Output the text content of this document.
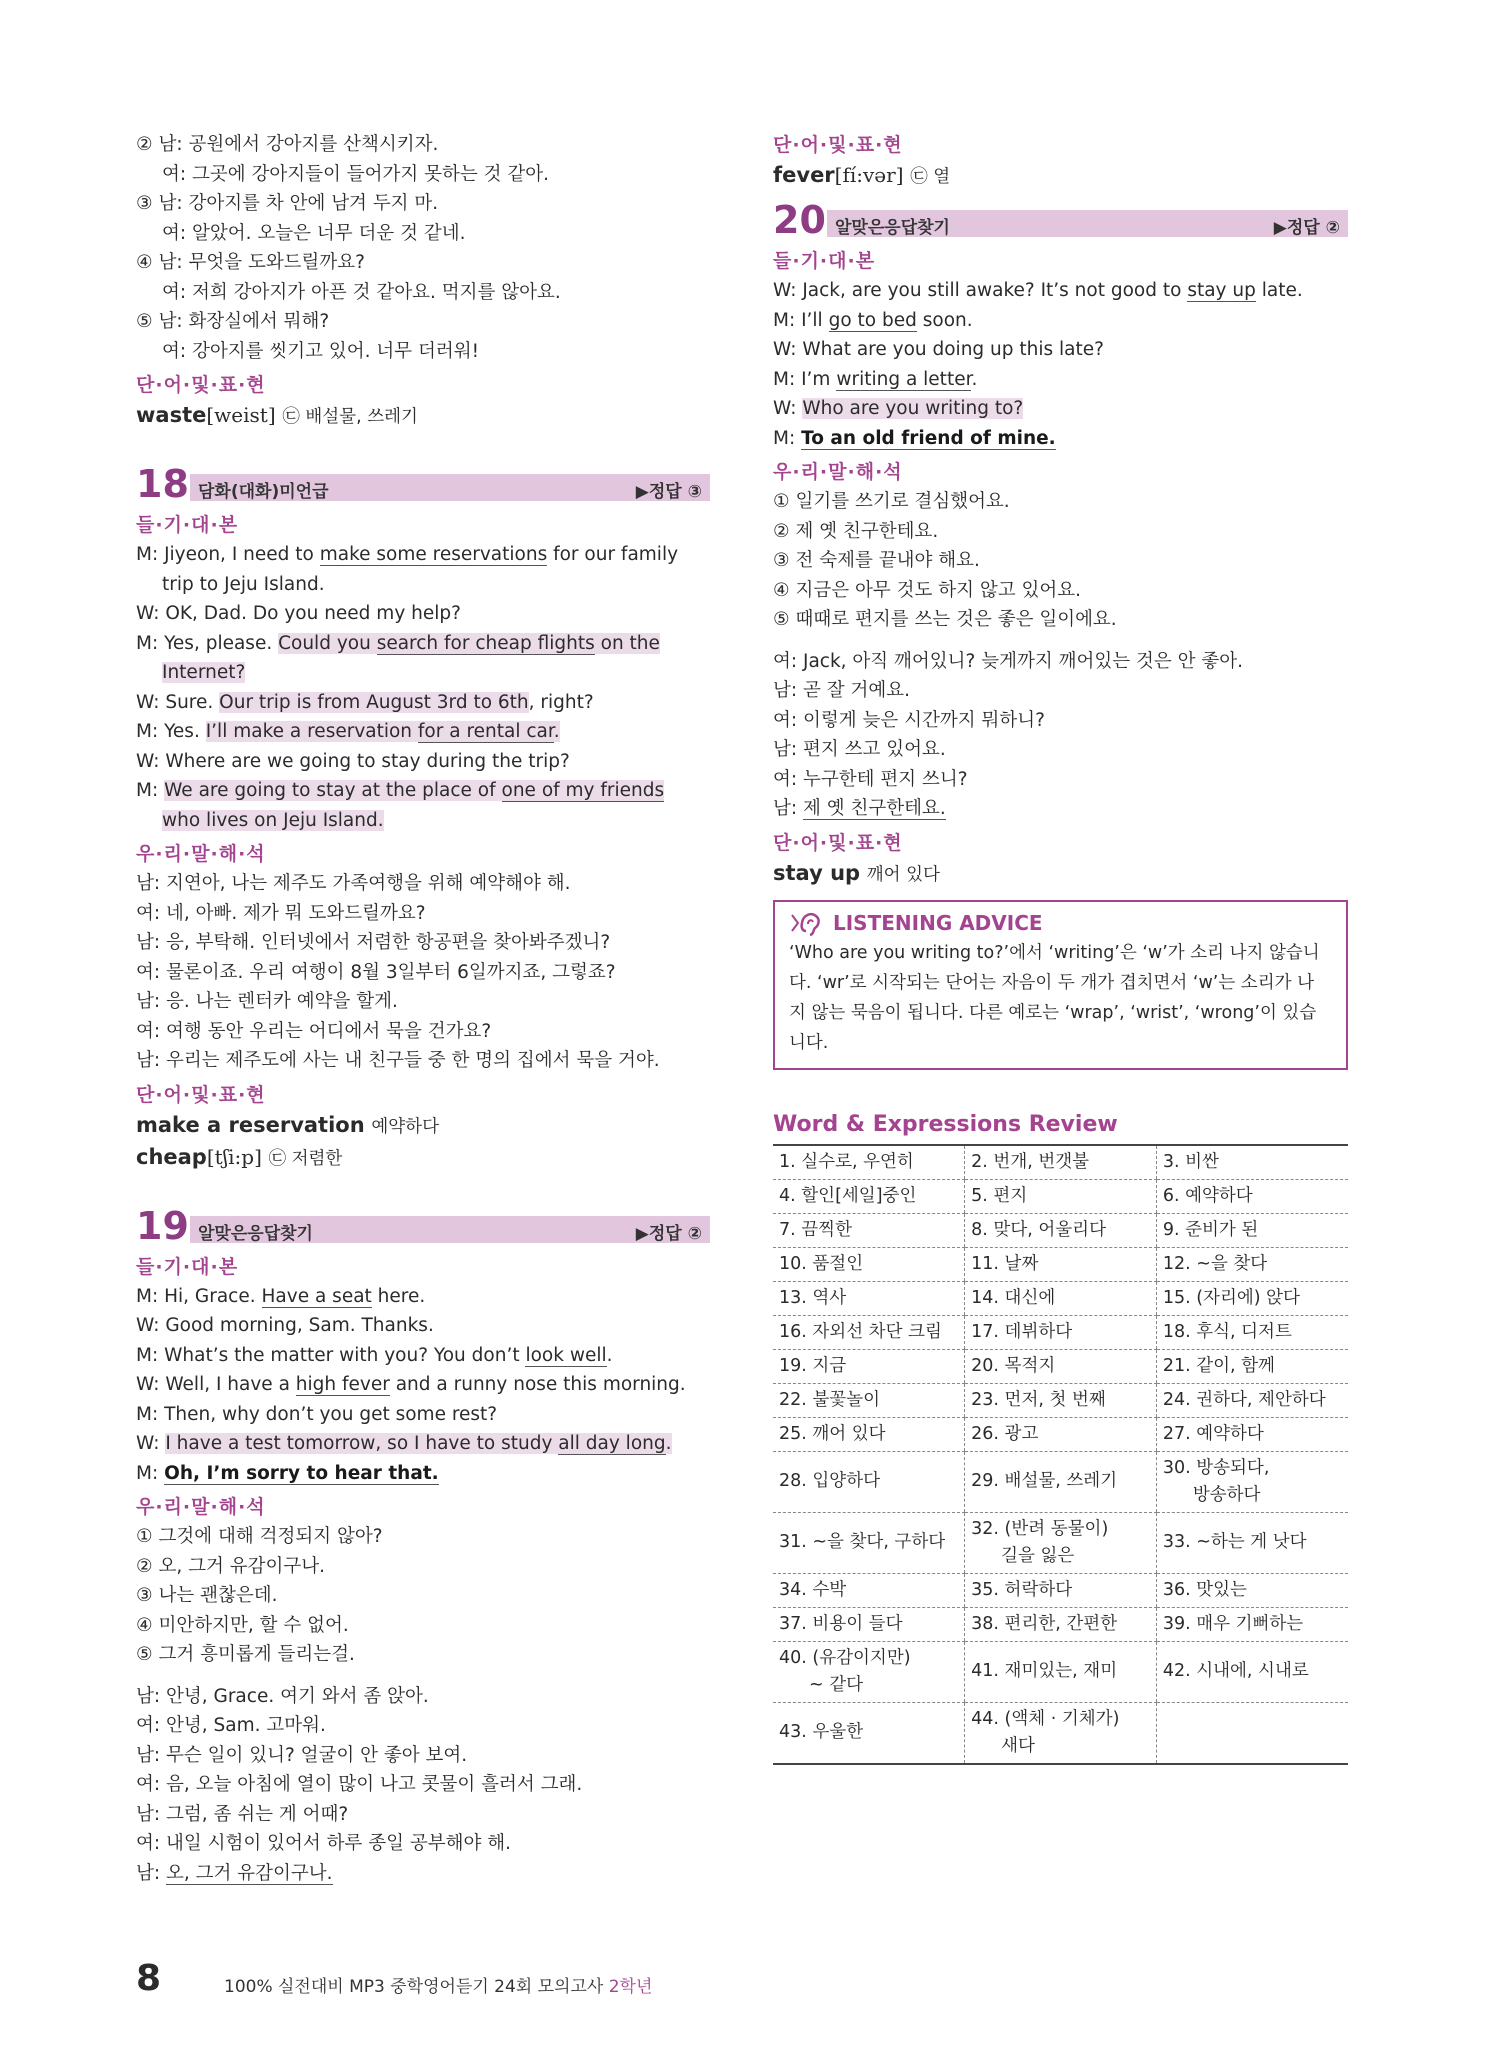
② 남: 공원에서 강아지를 산책시키자.
여: 그곳에 강아지들이 들어가지 못하는 것 같아.
③ 남: 강아지를 차 안에 남겨 두지 마.
여: 알았어. 오늘은 너무 더운 것 같네.
④ 남: 무엇을 도와드릴까요?
여: 저희 강아지가 아픈 것 같아요. 먹지를 않아요.
⑤ 남: 화장실에서 뭐해?
여: 강아지를 씻기고 있어. 너무 더러워!
단·어·및·표·현
waste[weist] ㉢ 배설물, 쓰레기
18 담화(대화)미언급	▶정답 ③
들·기·대·본
M: Jiyeon, I need to make some reservations for our family
trip to Jeju Island.
W: OK, Dad. Do you need my help?
M: Yes, please. Could you search for cheap flights on the
Internet?
W: Sure. Our trip is from August 3rd to 6th, right?
M: Yes. I’ll make a reservation for a rental car.
W: Where are we going to stay during the trip?
M: We are going to stay at the place of one of my friends
who lives on Jeju Island.
우·리·말·해·석
남: 지연아, 나는 제주도 가족여행을 위해 예약해야 해.
여: 네, 아빠. 제가 뭐 도와드릴까요?
남: 응, 부탁해. 인터넷에서 저렴한 항공편을 찾아봐주겠니?
여: 물론이죠. 우리 여행이 8월 3일부터 6일까지죠, 그렇죠?
남: 응. 나는 렌터카 예약을 할게.
여: 여행 동안 우리는 어디에서 묵을 건가요?
남: 우리는 제주도에 사는 내 친구들 중 한 명의 집에서 묵을 거야.
단·어·및·표·현
make a reservation 예약하다
cheap[tʃi:p] ㉢ 저렴한
19 알맞은응답찾기	▶정답 ②
들·기·대·본
M: Hi, Grace. Have a seat here.
W: Good morning, Sam. Thanks.
M: What’s the matter with you? You don’t look well.
W: Well, I have a high fever and a runny nose this morning.
M: Then, why don’t you get some rest?
W: I have a test tomorrow, so I have to study all day long.
M: Oh, I’m sorry to hear that.
우·리·말·해·석
① 그것에 대해 걱정되지 않아?
② 오, 그거 유감이구나.
③ 나는 괜찮은데.
④ 미안하지만, 할 수 없어.
⑤ 그거 흥미롭게 들리는걸.
남: 안녕, Grace. 여기 와서 좀 앉아.
여: 안녕, Sam. 고마워.
남: 무슨 일이 있니? 얼굴이 안 좋아 보여.
여: 음, 오늘 아침에 열이 많이 나고 콧물이 흘러서 그래.
남: 그럼, 좀 쉬는 게 어때?
여: 내일 시험이 있어서 하루 종일 공부해야 해.
남: 오, 그거 유감이구나.
단·어·및·표·현
fever[fí:vər] ㉢ 열
20 알맞은응답찾기	▶정답 ②
들·기·대·본
W: Jack, are you still awake? It’s not good to stay up late.
M: I’ll go to bed soon.
W: What are you doing up this late?
M: I’m writing a letter.
W: Who are you writing to?
M: To an old friend of mine.
우·리·말·해·석
① 일기를 쓰기로 결심했어요.
② 제 옛 친구한테요.
③ 전 숙제를 끝내야 해요.
④ 지금은 아무 것도 하지 않고 있어요.
⑤ 때때로 편지를 쓰는 것은 좋은 일이에요.
여: Jack, 아직 깨어있니? 늦게까지 깨어있는 것은 안 좋아.
남: 곧 잘 거예요.
여: 이렇게 늦은 시간까지 뭐하니?
남: 편지 쓰고 있어요.
여: 누구한테 편지 쓰니?
남: 제 옛 친구한테요.
단·어·및·표·현
stay up 깨어 있다
LISTENING ADVICE
‘Who are you writing to?’에서 ‘writing’은 ‘w’가 소리 나지 않습니
다. ‘wr’로 시작되는 단어는 자음이 두 개가 겹치면서 ‘w’는 소리가 나
지 않는 묵음이 됩니다. 다른 예로는 ‘wrap’, ‘wrist’, ‘wrong’이 있습
니다.
Word & Expressions Review
1. 실수로, 우연히	2. 번개, 번갯불	3. 비싼

4. 할인[세일]중인	5. 편지	6. 예약하다

7. 끔찍한	8. 맞다, 어울리다	9. 준비가 된

10. 품절인	11. 날짜	12. ~을 찾다

13. 역사	14. 대신에	15. (자리에) 앉다

16. 자외선 차단 크림	17. 데뷔하다	18. 후식, 디저트

19. 지금	20. 목적지	21. 같이, 함께

22. 불꽃놀이	23. 먼저, 첫 번째	24. 권하다, 제안하다

25. 깨어 있다	26. 광고	27. 예약하다

28. 입양하다	29. 배설물, 쓰레기	30. 방송되다,
방송하다

31. ~을 찾다, 구하다	32. (반려 동물이)
길을 잃은	33. ~하는 게 낫다

34. 수박	35. 허락하다	36. 맛있는

37. 비용이 들다	38. 편리한, 간편한	39. 매우 기뻐하는

40. (유감이지만)
~ 같다	41. 재미있는, 재미	42. 시내에, 시내로

43. 우울한	44. (액체 · 기체가)
새다	

8	100% 실전대비 MP3 중학영어듣기 24회 모의고사 2학년
